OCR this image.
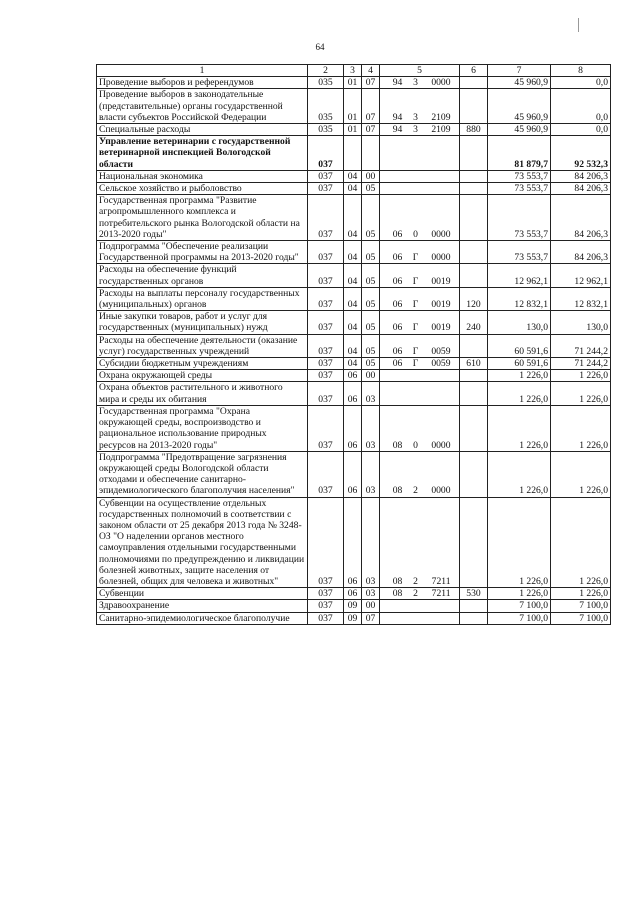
64
1	2	3	4	5	6	7	8
Проведение выборов и референдумов	035	01	07	94 3 0000		45 960,9	0,0
Проведение выборов в законодательные (представительные) органы государственной власти субъектов Российской Федерации	035	01	07	94 3 2109		45 960,9	0,0
Специальные расходы	035	01	07	94 3 2109	880	45 960,9	0,0
Управление ветеринарии с государственной ветеринарной инспекцией Вологодской области	037					81 879,7	92 532,3
Национальная экономика	037	04	00			73 553,7	84 206,3
Сельское хозяйство и рыболовство	037	04	05			73 553,7	84 206,3
Государственная программа "Развитие агропромышленного комплекса и потребительского рынка Вологодской области на 2013-2020 годы"	037	04	05	06 0 0000		73 553,7	84 206,3
Подпрограмма "Обеспечение реализации Государственной программы на 2013-2020 годы"	037	04	05	06 Г 0000		73 553,7	84 206,3
Расходы на обеспечение функций государственных органов	037	04	05	06 Г 0019		12 962,1	12 962,1
Расходы на выплаты персоналу государственных (муниципальных) органов	037	04	05	06 Г 0019	120	12 832,1	12 832,1
Иные закупки товаров, работ и услуг для государственных (муниципальных) нужд	037	04	05	06 Г 0019	240	130,0	130,0
Расходы на обеспечение деятельности (оказание услуг) государственных учреждений	037	04	05	06 Г 0059		60 591,6	71 244,2
Субсидии бюджетным учреждениям	037	04	05	06 Г 0059	610	60 591,6	71 244,2
Охрана окружающей среды	037	06	00			1 226,0	1 226,0
Охрана объектов растительного и животного мира и среды их обитания	037	06	03			1 226,0	1 226,0
Государственная программа "Охрана окружающей среды, воспроизводство и рациональное использование природных ресурсов на 2013-2020 годы"	037	06	03	08 0 0000		1 226,0	1 226,0
Подпрограмма "Предотвращение загрязнения окружающей среды Вологодской области отходами и обеспечение санитарно-эпидемиологического благополучия населения"	037	06	03	08 2 0000		1 226,0	1 226,0
Субвенции на осуществление отдельных государственных полномочий в соответствии с законом области от 25 декабря 2013 года № 3248-ОЗ "О наделении органов местного самоуправления отдельными государственными полномочиями по предупреждению и ликвидации болезней животных, защите населения от болезней, общих для человека и животных"	037	06	03	08 2 7211		1 226,0	1 226,0
Субвенции	037	06	03	08 2 7211	530	1 226,0	1 226,0
Здравоохранение	037	09	00			7 100,0	7 100,0
Санитарно-эпидемиологическое благополучие	037	09	07			7 100,0	7 100,0
